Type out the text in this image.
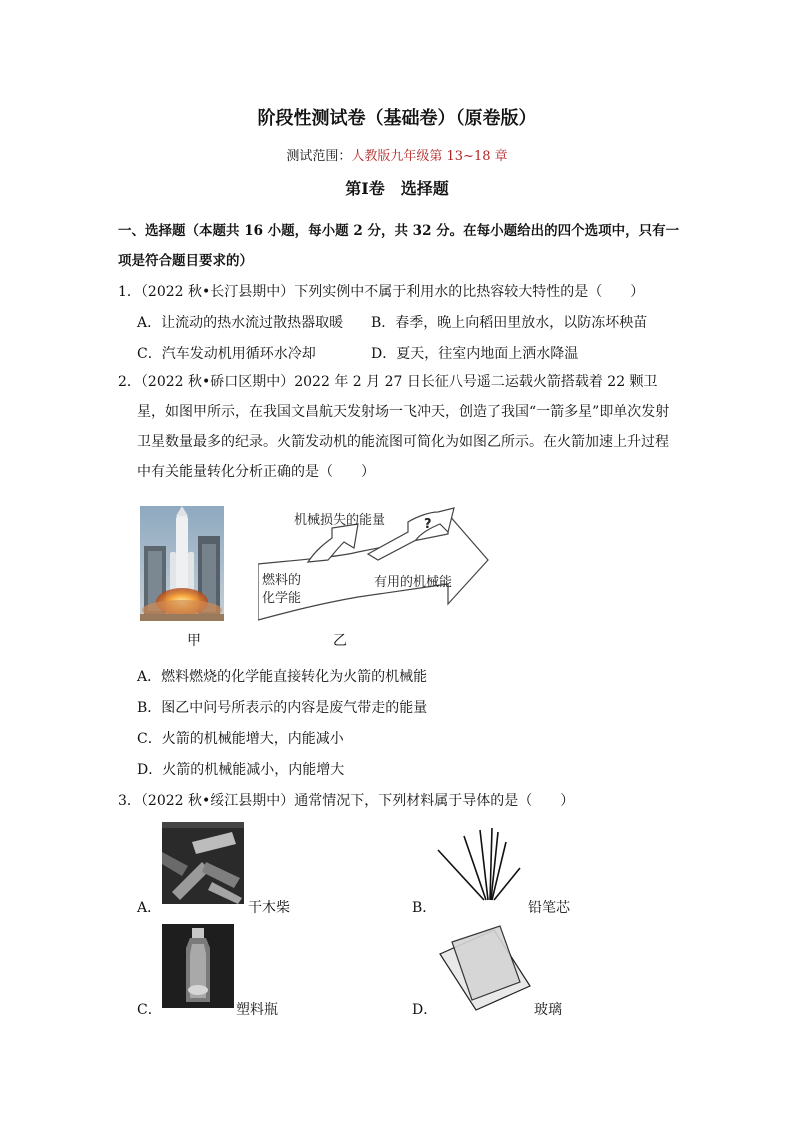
阶段性测试卷（基础卷）（原卷版）
测试范围：人教版九年级第 13~18 章
第Ⅰ卷　选择题
一、选择题（本题共 16 小题，每小题 2 分，共 32 分。在每小题给出的四个选项中，只有一项是符合题目要求的）
1．（2022 秋•长汀县期中）下列实例中不属于利用水的比热容较大特性的是（　　）
A．让流动的热水流过散热器取暖 B．春季，晚上向稻田里放水，以防冻坏秧苗
C．汽车发动机用循环水冷却	D．夏天，往室内地面上洒水降温
2．（2022 秋•硚口区期中）2022 年 2 月 27 日长征八号遥二运载火箭搭载着 22 颗卫星，如图甲所示，在我国文昌航天发射场一飞冲天，创造了我国“一箭多星”即单次发射卫星数量最多的纪录。火箭发动机的能流图可简化为如图乙所示。在火箭加速上升过程中有关能量转化分析正确的是（　　）
甲
机械损失的能量	?
燃料的
化学能
有用的机械能
乙
A．燃料燃烧的化学能直接转化为火箭的机械能
B．图乙中问号所表示的内容是废气带走的能量
C．火箭的机械能增大，内能减小
D．火箭的机械能减小，内能增大
3．（2022 秋•绥江县期中）通常情况下，下列材料属于导体的是（　　）
A．	干木柴	B．	铅笔芯
C．	塑料瓶	D．	玻璃
